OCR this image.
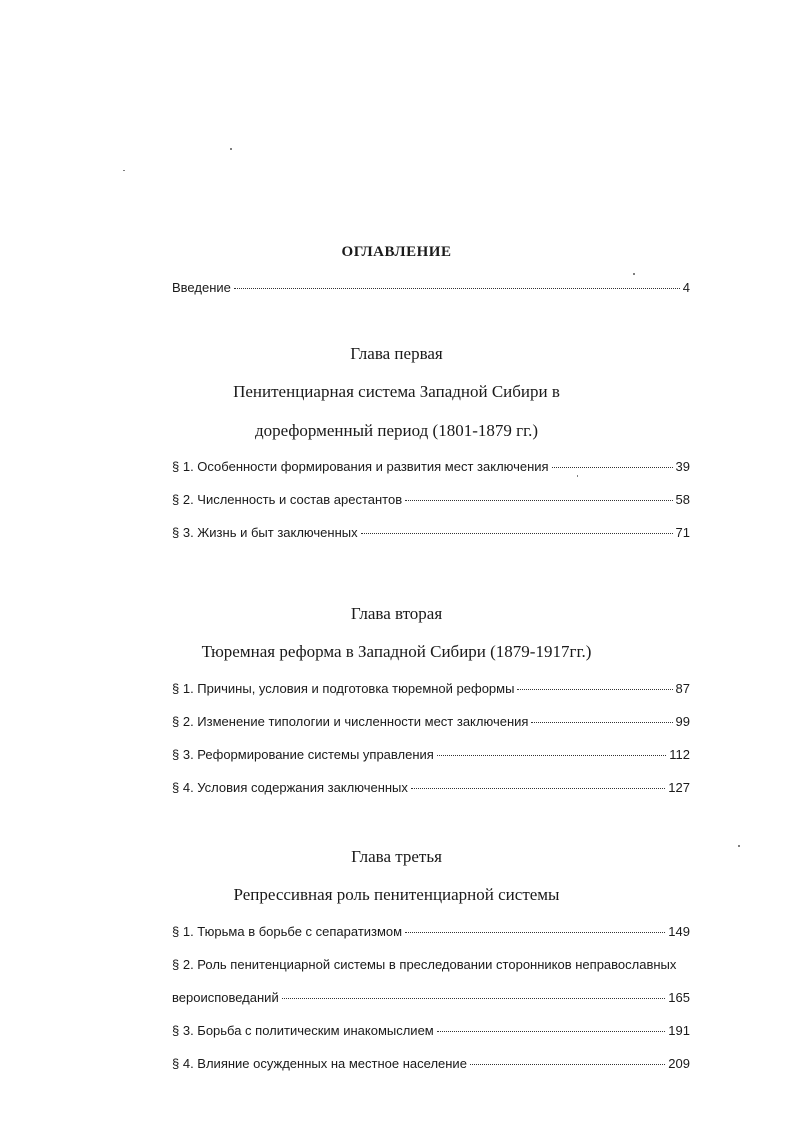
ОГЛАВЛЕНИЕ
Введение	4
Глава первая
Пенитенциарная система Западной Сибири в
дореформенный период (1801-1879 гг.)
§ 1. Особенности формирования и развития мест заключения	39
§ 2. Численность и состав арестантов	58
§ 3. Жизнь и быт заключенных	71
Глава вторая
Тюремная реформа в Западной Сибири (1879-1917гг.)
§ 1. Причины, условия и подготовка тюремной реформы	87
§ 2. Изменение типологии и численности мест заключения	99
§ 3. Реформирование системы управления	112
§ 4. Условия содержания заключенных	127
Глава третья
Репрессивная роль пенитенциарной системы
§ 1. Тюрьма в борьбе с сепаратизмом	149
§ 2. Роль пенитенциарной системы в преследовании сторонников неправославных
вероисповеданий	165
§ 3. Борьба с политическим инакомыслием	191
§ 4. Влияние осужденных на местное население	209
